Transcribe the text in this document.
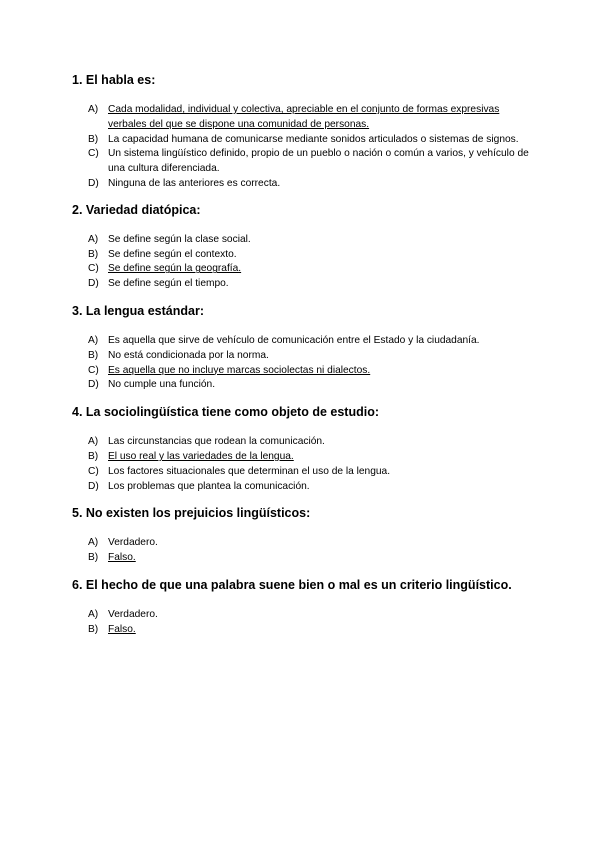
1. El habla es:
A) Cada modalidad, individual y colectiva, apreciable en el conjunto de formas expresivas verbales del que se dispone una comunidad de personas.
B) La capacidad humana de comunicarse mediante sonidos articulados o sistemas de signos.
C) Un sistema lingüístico definido, propio de un pueblo o nación o común a varios, y vehículo de una cultura diferenciada.
D) Ninguna de las anteriores es correcta.
2. Variedad diatópica:
A) Se define según la clase social.
B) Se define según el contexto.
C) Se define según la geografía.
D) Se define según el tiempo.
3. La lengua estándar:
A) Es aquella que sirve de vehículo de comunicación entre el Estado y la ciudadanía.
B) No está condicionada por la norma.
C) Es aquella que no incluye marcas sociolectas ni dialectos.
D) No cumple una función.
4. La sociolingüística tiene como objeto de estudio:
A) Las circunstancias que rodean la comunicación.
B) El uso real y las variedades de la lengua.
C) Los factores situacionales que determinan el uso de la lengua.
D) Los problemas que plantea la comunicación.
5. No existen los prejuicios lingüísticos:
A) Verdadero.
B) Falso.
6. El hecho de que una palabra suene bien o mal es un criterio lingüístico.
A) Verdadero.
B) Falso.
